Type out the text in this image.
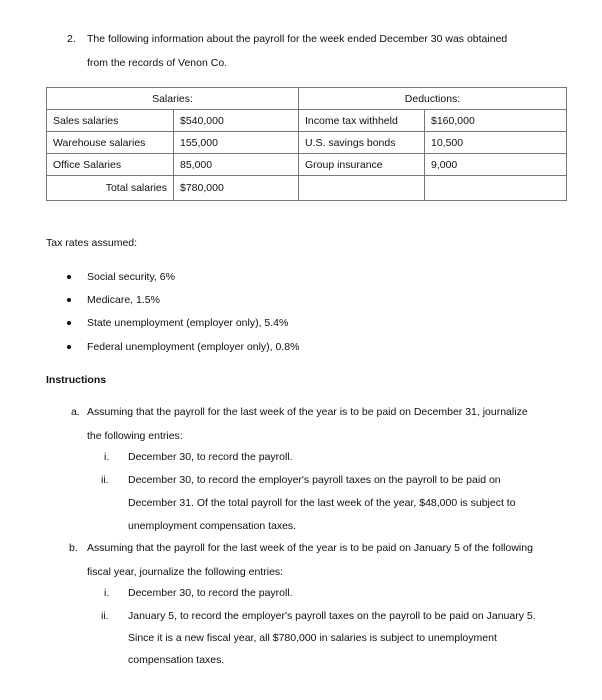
2. The following information about the payroll for the week ended December 30 was obtained
from the records of Venon Co.
Salaries:		Deductions:	
Sales salaries	$540,000	Income tax withheld	$160,000
Warehouse salaries	155,000	U.S. savings bonds	10,500
Office Salaries	85,000	Group insurance	9,000
Total salaries	$780,000		
Tax rates assumed:
Social security, 6%
Medicare, 1.5%
State unemployment (employer only), 5.4%
Federal unemployment (employer only), 0.8%
Instructions
a. Assuming that the payroll for the last week of the year is to be paid on December 31, journalize
the following entries:
i. December 30, to record the payroll.
ii. December 30, to record the employer's payroll taxes on the payroll to be paid on
December 31. Of the total payroll for the last week of the year, $48,000 is subject to
unemployment compensation taxes.
b. Assuming that the payroll for the last week of the year is to be paid on January 5 of the following
fiscal year, journalize the following entries:
i. December 30, to record the payroll.
ii. January 5, to record the employer's payroll taxes on the payroll to be paid on January 5.
Since it is a new fiscal year, all $780,000 in salaries is subject to unemployment
compensation taxes.
